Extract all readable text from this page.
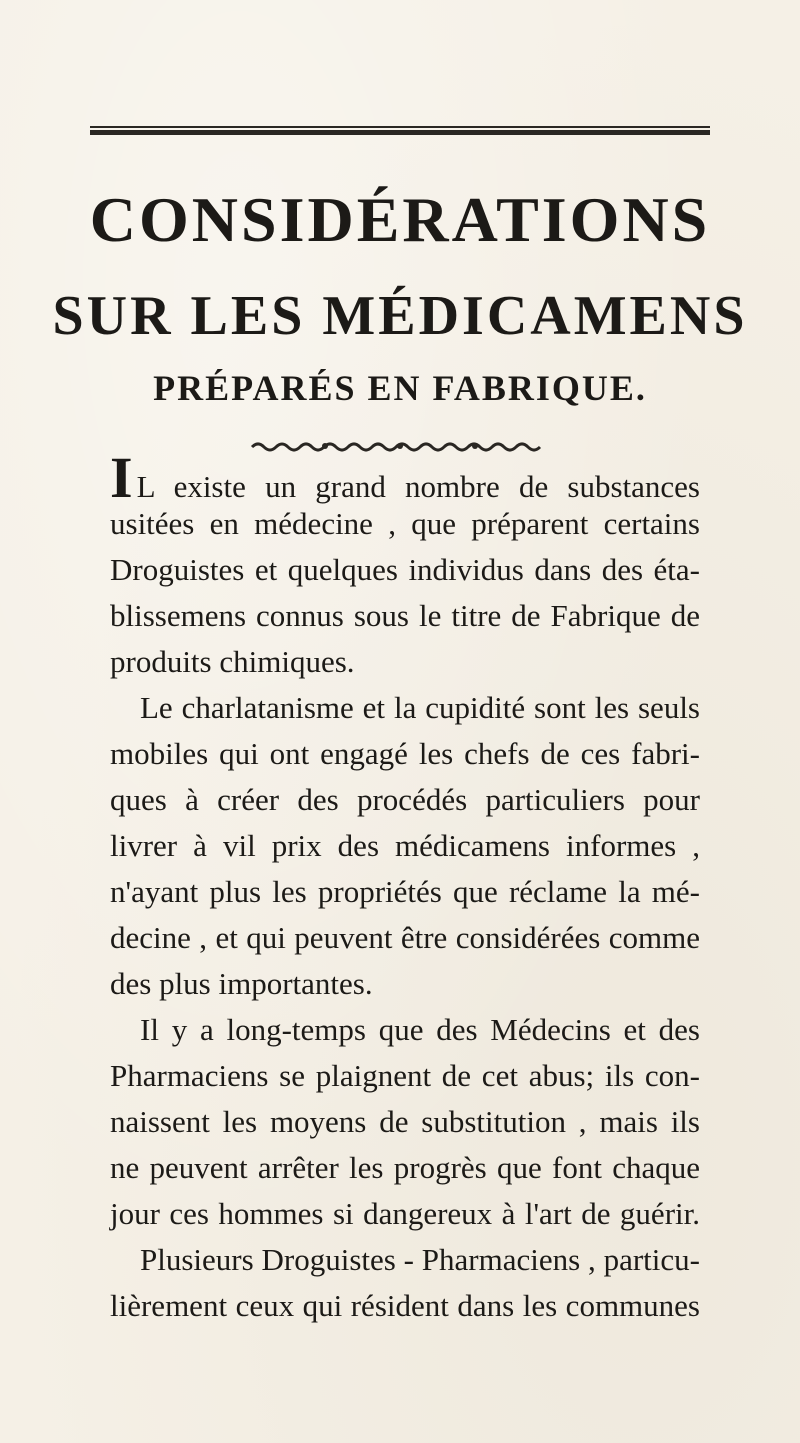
CONSIDÉRATIONS
SUR LES MÉDICAMENS
PRÉPARÉS EN FABRIQUE.
I L existe un grand nombre de substances
usitées en médecine , que préparent certains
Droguistes et quelques individus dans des éta-
blissemens connus sous le titre de Fabrique de
produits chimiques.
Le charlatanisme et la cupidité sont les seuls
mobiles qui ont engagé les chefs de ces fabri-
ques à créer des procédés particuliers pour
livrer à vil prix des médicamens informes ,
n'ayant plus les propriétés que réclame la mé-
decine , et qui peuvent être considérées comme
des plus importantes.
Il y a long-temps que des Médecins et des
Pharmaciens se plaignent de cet abus; ils con-
naissent les moyens de substitution , mais ils
ne peuvent arrêter les progrès que font chaque
jour ces hommes si dangereux à l'art de guérir.
Plusieurs Droguistes - Pharmaciens , particu-
lièrement ceux qui résident dans les communes
